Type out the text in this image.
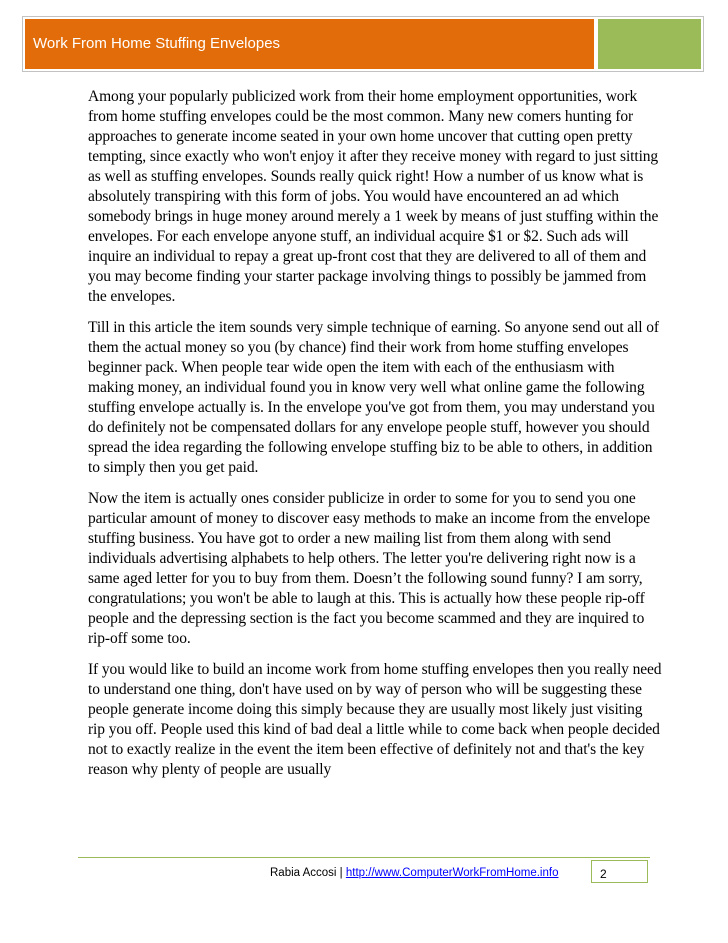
Work From Home Stuffing Envelopes

Among your popularly publicized work from their home employment opportunities, work from home stuffing envelopes could be the most common. Many new comers hunting for approaches to generate income seated in your own home uncover that cutting open pretty tempting, since exactly who won't enjoy it after they receive money with regard to just sitting as well as stuffing envelopes. Sounds really quick right! How a number of us know what is absolutely transpiring with this form of jobs. You would have encountered an ad which somebody brings in huge money around merely a 1 week by means of just stuffing within the envelopes. For each envelope anyone stuff, an individual acquire $1 or $2. Such ads will inquire an individual to repay a great up-front cost that they are delivered to all of them and you may become finding your starter package involving things to possibly be jammed from the envelopes.

Till in this article the item sounds very simple technique of earning. So anyone send out all of them the actual money so you (by chance) find their work from home stuffing envelopes beginner pack. When people tear wide open the item with each of the enthusiasm with making money, an individual found you in know very well what online game the following stuffing envelope actually is. In the envelope you've got from them, you may understand you do definitely not be compensated dollars for any envelope people stuff, however you should spread the idea regarding the following envelope stuffing biz to be able to others, in addition to simply then you get paid.

Now the item is actually ones consider publicize in order to some for you to send you one particular amount of money to discover easy methods to make an income from the envelope stuffing business. You have got to order a new mailing list from them along with send individuals advertising alphabets to help others. The letter you're delivering right now is a same aged letter for you to buy from them. Doesn’t the following sound funny? I am sorry, congratulations; you won't be able to laugh at this. This is actually how these people rip-off people and the depressing section is the fact you become scammed and they are inquired to rip-off some too.

If you would like to build an income work from home stuffing envelopes then you really need to understand one thing, don't have used on by way of person who will be suggesting these people generate income doing this simply because they are usually most likely just visiting rip you off. People used this kind of bad deal a little while to come back when people decided not to exactly realize in the event the item been effective of definitely not and that's the key reason why plenty of people are usually

Rabia Accosi | http://www.ComputerWorkFromHome.info	2
